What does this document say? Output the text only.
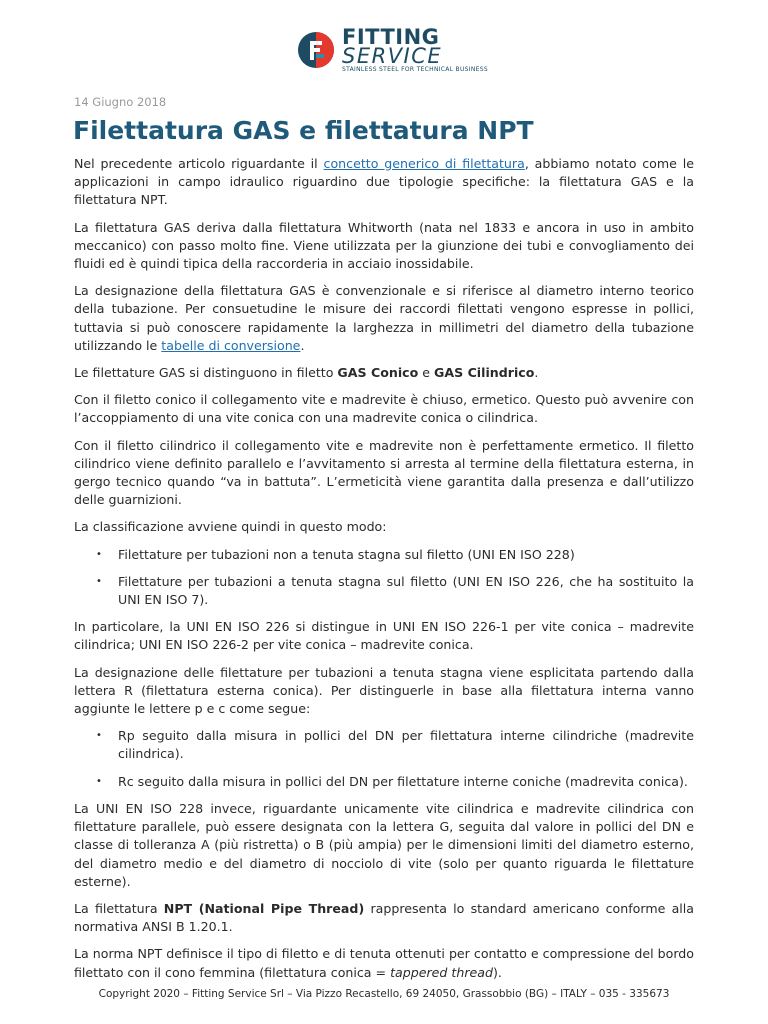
FITTING
SERVICE
STAINLESS STEEL FOR TECHNICAL BUSINESS
14 Giugno 2018
Filettatura GAS e filettatura NPT

Nel precedente articolo riguardante il concetto generico di filettatura, abbiamo notato come le applicazioni in campo idraulico riguardino due tipologie specifiche: la filettatura GAS e la filettatura NPT.

La filettatura GAS deriva dalla filettatura Whitworth (nata nel 1833 e ancora in uso in ambito meccanico) con passo molto fine. Viene utilizzata per la giunzione dei tubi e convogliamento dei fluidi ed è quindi tipica della raccorderia in acciaio inossidabile.

La designazione della filettatura GAS è convenzionale e si riferisce al diametro interno teorico della tubazione. Per consuetudine le misure dei raccordi filettati vengono espresse in pollici, tuttavia si può conoscere rapidamente la larghezza in millimetri del diametro della tubazione utilizzando le tabelle di conversione.

Le filettature GAS si distinguono in filetto GAS Conico e GAS Cilindrico.

Con il filetto conico il collegamento vite e madrevite è chiuso, ermetico. Questo può avvenire con l’accoppiamento di una vite conica con una madrevite conica o cilindrica.

Con il filetto cilindrico il collegamento vite e madrevite non è perfettamente ermetico. Il filetto cilindrico viene definito parallelo e l’avvitamento si arresta al termine della filettatura esterna, in gergo tecnico quando “va in battuta”. L’ermeticità viene garantita dalla presenza e dall’utilizzo delle guarnizioni.

La classificazione avviene quindi in questo modo:

• Filettature per tubazioni non a tenuta stagna sul filetto (UNI EN ISO 228)
• Filettature per tubazioni a tenuta stagna sul filetto (UNI EN ISO 226, che ha sostituito la UNI EN ISO 7).

In particolare, la UNI EN ISO 226 si distingue in UNI EN ISO 226-1 per vite conica – madrevite cilindrica; UNI EN ISO 226-2 per vite conica – madrevite conica.

La designazione delle filettature per tubazioni a tenuta stagna viene esplicitata partendo dalla lettera R (filettatura esterna conica). Per distinguerle in base alla filettatura interna vanno aggiunte le lettere p e c come segue:

• Rp seguito dalla misura in pollici del DN per filettatura interne cilindriche (madrevite cilindrica).
• Rc seguito dalla misura in pollici del DN per filettature interne coniche (madrevita conica).

La UNI EN ISO 228 invece, riguardante unicamente vite cilindrica e madrevite cilindrica con filettature parallele, può essere designata con la lettera G, seguita dal valore in pollici del DN e classe di tolleranza A (più ristretta) o B (più ampia) per le dimensioni limiti del diametro esterno, del diametro medio e del diametro di nocciolo di vite (solo per quanto riguarda le filettature esterne).

La filettatura NPT (National Pipe Thread) rappresenta lo standard americano conforme alla normativa ANSI B 1.20.1.

La norma NPT definisce il tipo di filetto e di tenuta ottenuti per contatto e compressione del bordo filettato con il cono femmina (filettatura conica = tappered thread).

Copyright 2020 – Fitting Service Srl – Via Pizzo Recastello, 69 24050, Grassobbio (BG) – ITALY – 035 - 335673
